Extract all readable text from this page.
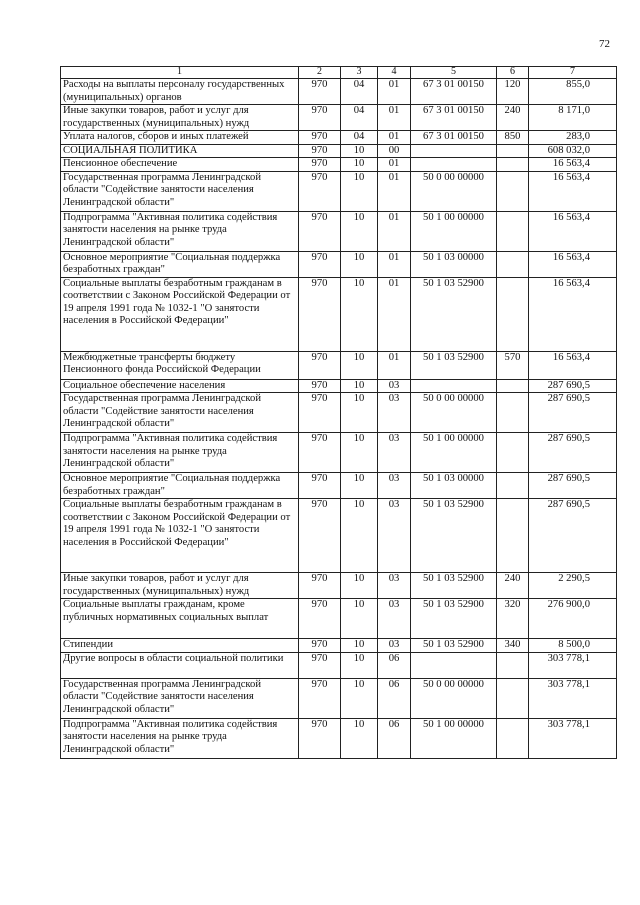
72
1	2	3	4	5	6	7
Расходы на выплаты персоналу государственных (муниципальных) органов	970	04	01	67 3 01 00150	120	855,0
Иные закупки товаров, работ и услуг для государственных (муниципальных) нужд	970	04	01	67 3 01 00150	240	8 171,0
Уплата налогов, сборов и иных платежей	970	04	01	67 3 01 00150	850	283,0
СОЦИАЛЬНАЯ ПОЛИТИКА	970	10	00			608 032,0
Пенсионное обеспечение	970	10	01			16 563,4
Государственная программа Ленинградской области "Содействие занятости населения Ленинградской области"	970	10	01	50 0 00 00000		16 563,4
Подпрограмма "Активная политика содействия занятости населения на рынке труда Ленинградской области"	970	10	01	50 1 00 00000		16 563,4
Основное мероприятие "Социальная поддержка безработных граждан"	970	10	01	50 1 03 00000		16 563,4
Социальные выплаты безработным гражданам в соответствии с Законом Российской Федерации от 19 апреля 1991 года № 1032-1 "О занятости населения в Российской Федерации"	970	10	01	50 1 03 52900		16 563,4
Межбюджетные трансферты бюджету Пенсионного фонда Российской Федерации	970	10	01	50 1 03 52900	570	16 563,4
Социальное обеспечение населения	970	10	03			287 690,5
Государственная программа Ленинградской области "Содействие занятости населения Ленинградской области"	970	10	03	50 0 00 00000		287 690,5
Подпрограмма "Активная политика содействия занятости населения на рынке труда Ленинградской области"	970	10	03	50 1 00 00000		287 690,5
Основное мероприятие "Социальная поддержка безработных граждан"	970	10	03	50 1 03 00000		287 690,5
Социальные выплаты безработным гражданам в соответствии с Законом Российской Федерации от 19 апреля 1991 года № 1032-1 "О занятости населения в Российской Федерации"	970	10	03	50 1 03 52900		287 690,5
Иные закупки товаров, работ и услуг для государственных (муниципальных) нужд	970	10	03	50 1 03 52900	240	2 290,5
Социальные выплаты гражданам, кроме публичных нормативных социальных выплат	970	10	03	50 1 03 52900	320	276 900,0
Стипендии	970	10	03	50 1 03 52900	340	8 500,0
Другие вопросы в области социальной политики	970	10	06			303 778,1
Государственная программа Ленинградской области "Содействие занятости населения Ленинградской области"	970	10	06	50 0 00 00000		303 778,1
Подпрограмма "Активная политика содействия занятости населения на рынке труда Ленинградской области"	970	10	06	50 1 00 00000		303 778,1
